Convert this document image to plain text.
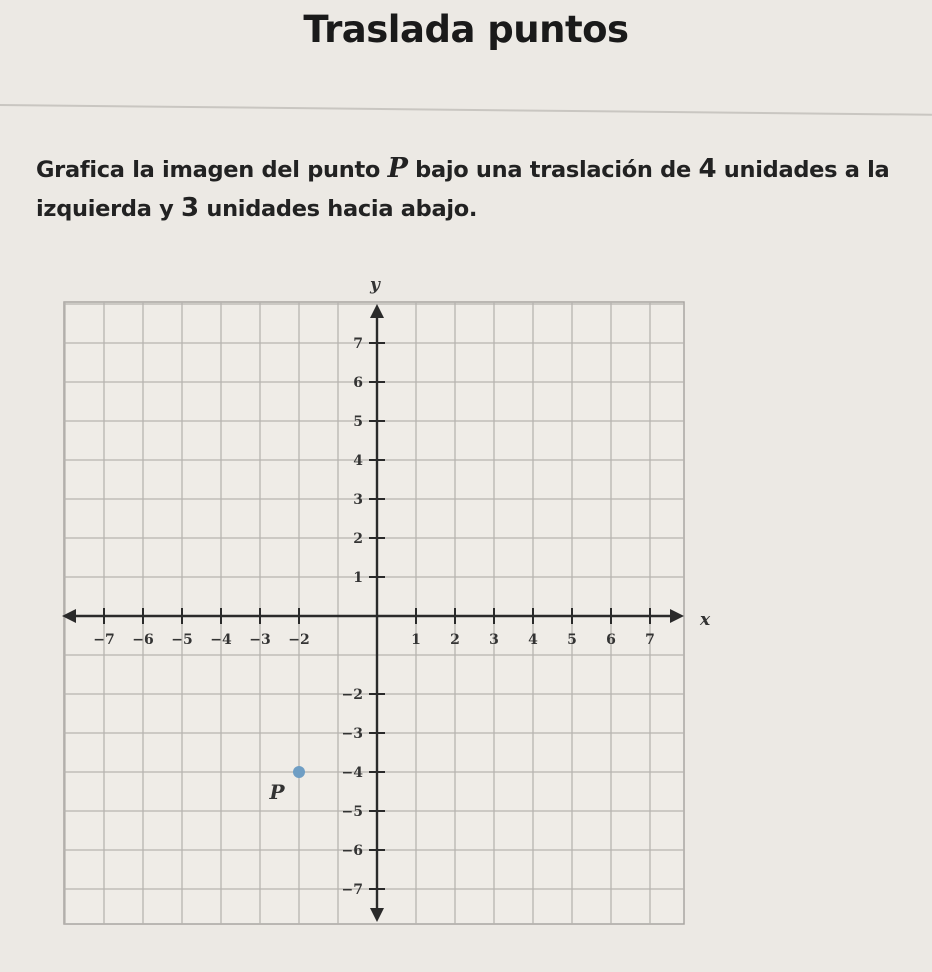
Traslada puntos
Grafica la imagen del punto P bajo una traslación de 4 unidades a la izquierda y 3 unidades hacia abajo.
−7 −6 −5 −4 −3 −2	1 2 3 4 5 6 7
7
6
5
4
3
2
1
−2
−3
−4
−5
−6
−7
x
y
P
